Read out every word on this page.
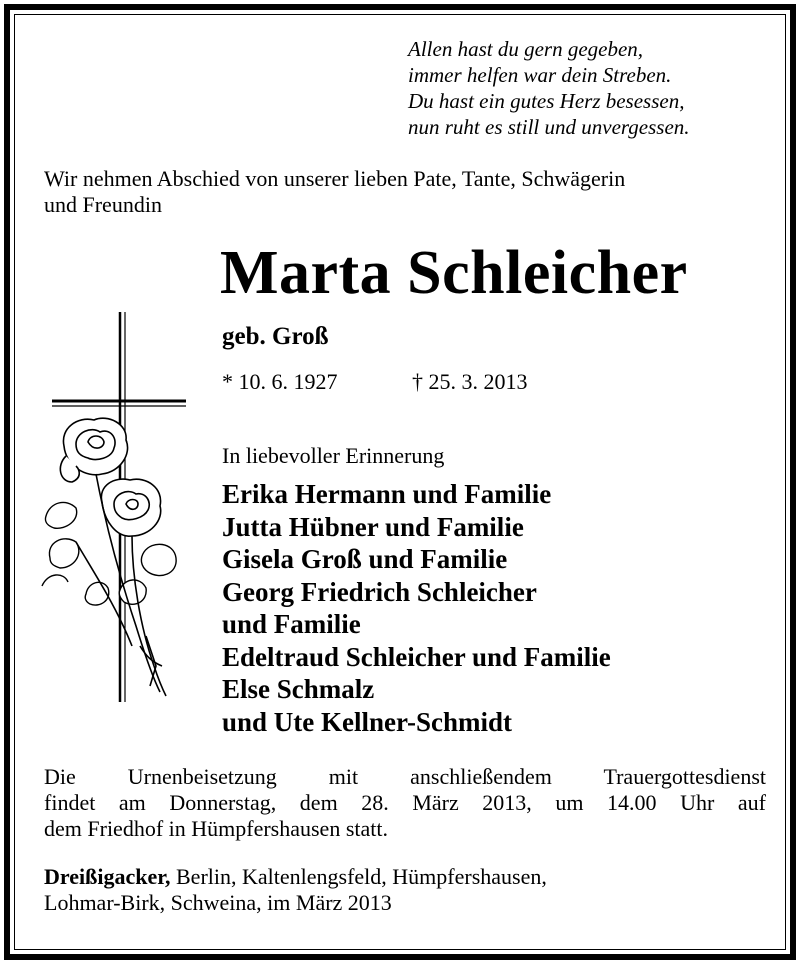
Allen hast du gern gegeben,
immer helfen war dein Streben.
Du hast ein gutes Herz besessen,
nun ruht es still und unvergessen.
Wir nehmen Abschied von unserer lieben Pate, Tante, Schwägerin
und Freundin
Marta Schleicher
geb. Groß
* 10. 6. 1927	† 25. 3. 2013
In liebevoller Erinnerung
Erika Hermann und Familie
Jutta Hübner und Familie
Gisela Groß und Familie
Georg Friedrich Schleicher
und Familie
Edeltraud Schleicher und Familie
Else Schmalz
und Ute Kellner-Schmidt
Die Urnenbeisetzung mit anschließendem Trauergottesdienst
findet am Donnerstag, dem 28. März 2013, um 14.00 Uhr auf
dem Friedhof in Hümpfershausen statt.
Dreißigacker, Berlin, Kaltenlengsfeld, Hümpfershausen,
Lohmar-Birk, Schweina, im März 2013
